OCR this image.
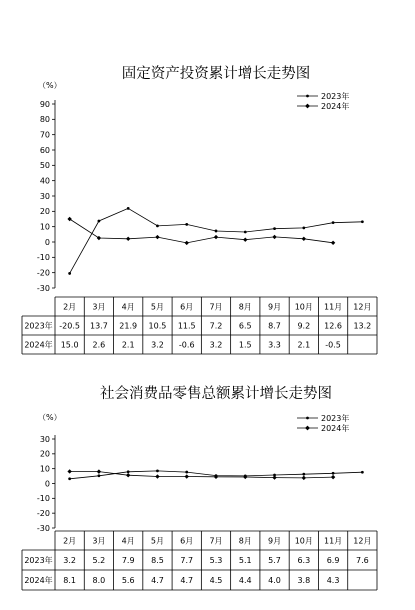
固定资产投资累计增长走势图
（%）
2023年
2024年
-30
-20
-10
0
10
20
30
40
50
60
70
80
90
2月 3月 4月 5月 6月 7月 8月 9月 10月 11月 12月
2023年 -20.5 13.7 21.9 10.5 11.5 7.2 6.5 8.7 9.2 12.6 13.2
2024年 15.0 2.6 2.1 3.2 -0.6 3.2 1.5 3.3 2.1 -0.5
社会消费品零售总额累计增长走势图
（%）	2023年
2024年
-30
-20
-10
0
10
20
30
2月 3月 4月 5月 6月 7月 8月 9月 10月 11月 12月
2023年 3.2 5.2 7.9 8.5 7.7 5.3 5.1 5.7 6.3 6.9 7.6
2024年 8.1 8.0 5.6 4.7 4.7 4.5 4.4 4.0 3.8 4.3
